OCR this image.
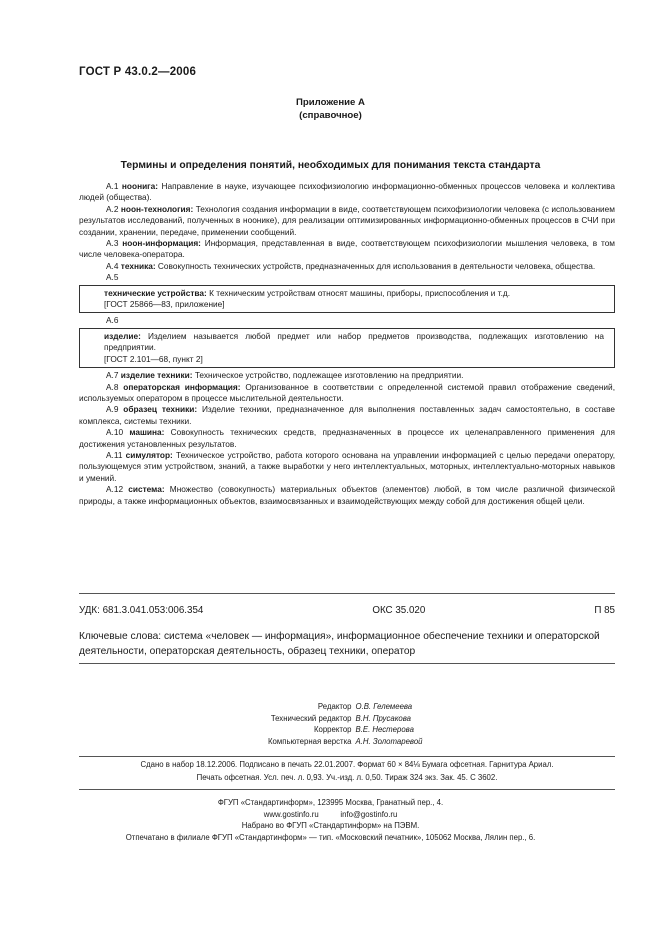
ГОСТ Р 43.0.2—2006
Приложение А
(справочное)
Термины и определения понятий, необходимых для понимания текста стандарта

А.1 ноонига: Направление в науке, изучающее психофизиологию информационно-обменных процессов человека и коллектива людей (общества).

А.2 ноон-технология: Технология создания информации в виде, соответствующем психофизиологии человека (с использованием результатов исследований, полученных в ноонике), для реализации оптимизированных информационно-обменных процессов в СЧИ при создании, хранении, передаче, применении сообщений.

А.3 ноон-информация: Информация, представленная в виде, соответствующем психофизиологии мышления человека, в том числе человека-оператора.

А.4 техника: Совокупность технических устройств, предназначенных для использования в деятельности человека, общества.

А.5

технические устройства: К техническим устройствам относят машины, приборы, приспособления и т.д.

[ГОСТ 25866—83, приложение]

А.6

изделие: Изделием называется любой предмет или набор предметов производства, подлежащих изготовлению на предприятии.

[ГОСТ 2.101—68, пункт 2]

А.7 изделие техники: Техническое устройство, подлежащее изготовлению на предприятии.

А.8 операторская информация: Организованное в соответствии с определенной системой правил отображение сведений, используемых оператором в процессе мыслительной деятельности.

А.9 образец техники: Изделие техники, предназначенное для выполнения поставленных задач самостоятельно, в составе комплекса, системы техники.

А.10 машина: Совокупность технических средств, предназначенных в процессе их целенаправленного применения для достижения установленных результатов.

А.11 симулятор: Техническое устройство, работа которого основана на управлении информацией с целью передачи оператору, пользующемуся этим устройством, знаний, а также выработки у него интеллектуальных, моторных, интеллектуально-моторных навыков и умений.

А.12 система: Множество (совокупность) материальных объектов (элементов) любой, в том числе различной физической природы, а также информационных объектов, взаимосвязанных и взаимодействующих между собой для достижения общей цели.

УДК: 681.3.041.053:006.354	ОКС 35.020	П 85
Ключевые слова: система «человек — информация», информационное обеспечение техники и операторской деятельности, операторская деятельность, образец техники, оператор
Редактор О.В. Гелемеева
Технический редактор В.Н. Прусакова
Корректор В.Е. Нестерова
Компьютерная верстка А.Н. Золотаревой
Сдано в набор 18.12.2006. Подписано в печать 22.01.2007. Формат 60 × 84⅛ Бумага офсетная. Гарнитура Ариал.
Печать офсетная. Усл. печ. л. 0,93. Уч.-изд. л. 0,50. Тираж 324 экз. Зак. 45. С 3602.
ФГУП «Стандартинформ», 123995 Москва, Гранатный пер., 4.
www.gostinfo.ru          info@gostinfo.ru
Набрано во ФГУП «Стандартинформ» на ПЭВМ.
Отпечатано в филиале ФГУП «Стандартинформ» — тип. «Московский печатник», 105062 Москва, Лялин пер., 6.
